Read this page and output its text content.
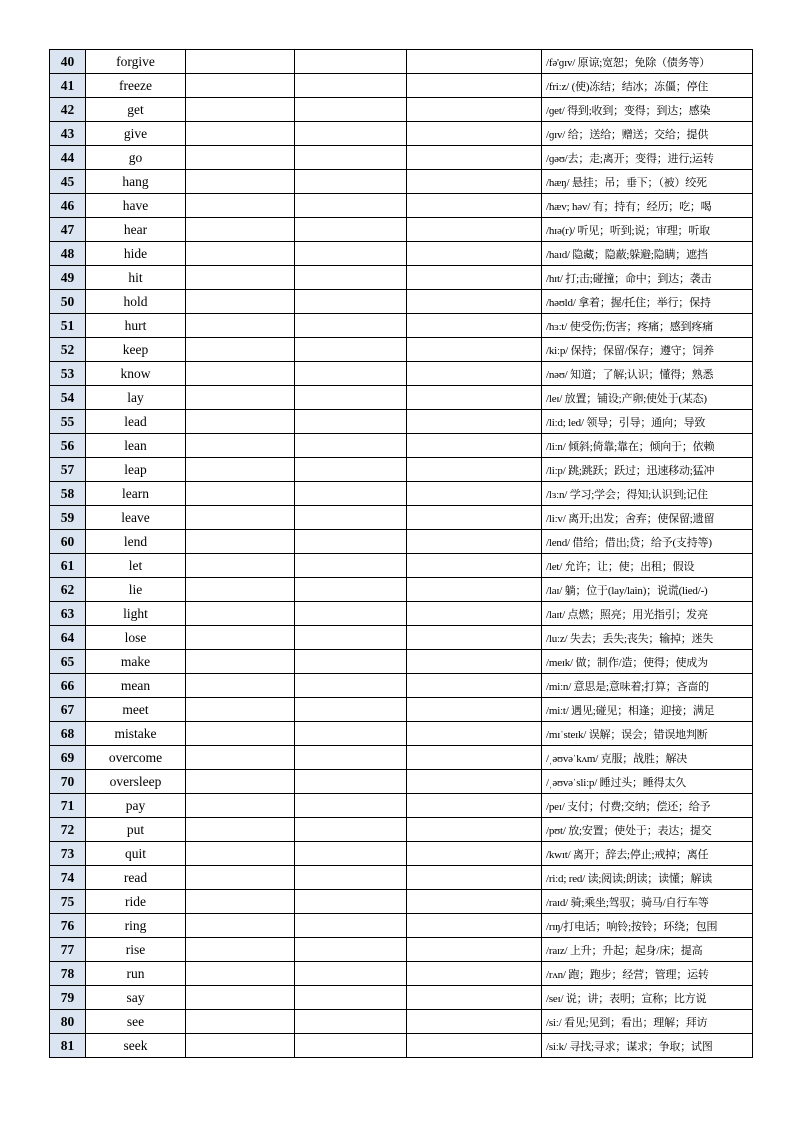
40	forgive				/fə'ɡɪv/ 原谅;宽恕；免除（债务等）
41	freeze				/friːz/ (使)冻结；结冰；冻僵；停住
42	get				/ɡet/ 得到;收到；变得；到达；感染
43	give				/ɡɪv/ 给；送给；赠送；交给；提供
44	go				/ɡəʊ/去；走;离开；变得；进行;运转
45	hang				/hæŋ/ 悬挂；吊；垂下；（被）绞死
46	have				/hæv; həv/ 有；持有；经历；吃；喝
47	hear				/hɪə(r)/ 听见；听到;说；审理；听取
48	hide				/haɪd/ 隐藏；隐蔽;躲避;隐瞒；遮挡
49	hit				/hɪt/ 打;击;碰撞；命中；到达；袭击
50	hold				/həʊld/ 拿着；握/托住；举行；保持
51	hurt				/hɜːt/ 使受伤;伤害；疼痛；感到疼痛
52	keep				/kiːp/ 保持；保留/保存；遵守；饲养
53	know				/nəʊ/ 知道；了解;认识；懂得；熟悉
54	lay				/leɪ/ 放置；铺设;产卵;使处于(某态)
55	lead				/liːd; led/ 领导；引导；通向；导致
56	lean				/liːn/ 倾斜;倚靠;靠在；倾向于；依赖
57	leap				/liːp/ 跳;跳跃；跃过；迅速移动;猛冲
58	learn				/lɜːn/ 学习;学会；得知;认识到;记住
59	leave				/liːv/ 离开;出发；舍弃；使保留;遗留
60	lend				/lend/ 借给；借出;贷；给予(支持等)
61	let				/let/ 允许；让；使；出租；假设
62	lie				/laɪ/ 躺；位于(lay/lain)；说谎(lied/-)
63	light				/laɪt/ 点燃；照亮；用光指引；发亮
64	lose				/luːz/ 失去；丢失;丧失；输掉；迷失
65	make				/meɪk/ 做；制作/造；使得；使成为
66	mean				/miːn/ 意思是;意味着;打算；吝啬的
67	meet				/miːt/ 遇见;碰见；相逢；迎接；满足
68	mistake				/mɪˈsteɪk/ 误解；误会；错误地判断
69	overcome				/ˌəʊvəˈkʌm/ 克服；战胜；解决
70	oversleep				/ˌəʊvəˈsliːp/ 睡过头；睡得太久
71	pay				/peɪ/ 支付；付费;交纳；偿还；给予
72	put				/pʊt/ 放;安置；使处于；表达；提交
73	quit				/kwɪt/ 离开；辞去;停止;戒掉；离任
74	read				/riːd; red/ 读;阅读;朗读；读懂；解读
75	ride				/raɪd/ 骑;乘坐;驾驭；骑马/自行车等
76	ring				/rɪŋ/打电话；响铃;按铃；环绕；包围
77	rise				/raɪz/ 上升；升起；起身/床；提高
78	run				/rʌn/ 跑；跑步；经营；管理；运转
79	say				/seɪ/ 说；讲；表明；宣称；比方说
80	see				/siː/ 看见;见到；看出；理解；拜访
81	seek				/siːk/ 寻找;寻求；谋求；争取；试图
